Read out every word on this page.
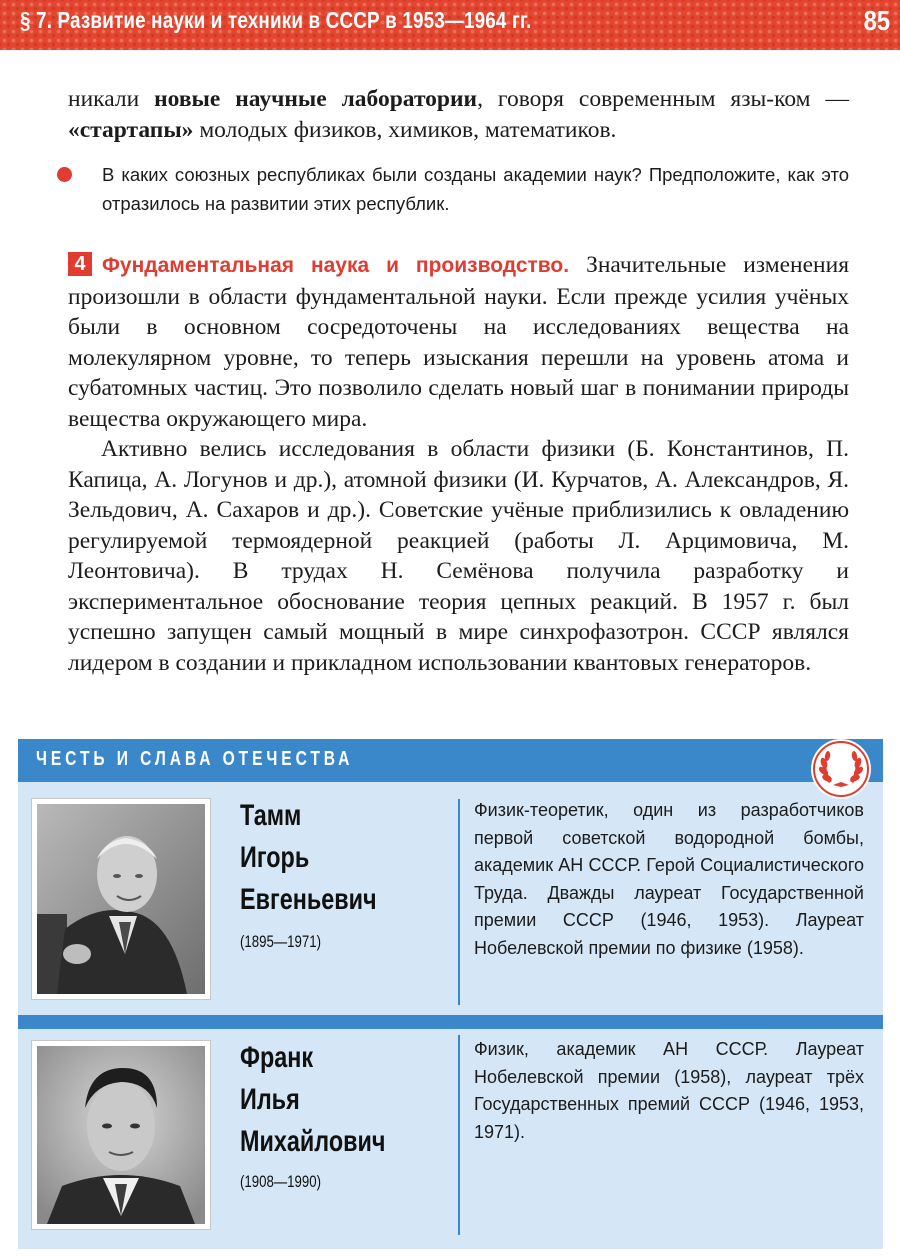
§ 7. Развитие науки и техники в СССР в 1953—1964 гг.	85

никали новые научные лаборатории, говоря современным язы-ком — «стартапы» молодых физиков, химиков, математиков.

В каких союзных республиках были созданы академии наук? Предположите, как это отразилось на развитии этих республик.

4 Фундаментальная наука и производство. Значительные изменения произошли в области фундаментальной науки. Если прежде усилия учёных были в основном сосредоточены на исследованиях вещества на молекулярном уровне, то теперь изыскания перешли на уровень атома и субатомных частиц. Это позволило сделать новый шаг в понимании природы вещества окружающего мира.

Активно велись исследования в области физики (Б. Константинов, П. Капица, А. Логунов и др.), атомной физики (И. Курчатов, А. Александров, Я. Зельдович, А. Сахаров и др.). Советские учёные приблизились к овладению регулируемой термоядерной реакцией (работы Л. Арцимовича, М. Леонтовича). В трудах Н. Семёнова получила разработку и экспериментальное обоснование теория цепных реакций. В 1957 г. был успешно запущен самый мощный в мире синхрофазотрон. СССР являлся лидером в создании и прикладном использовании квантовых генераторов.

ЧЕСТЬ И СЛАВА ОТЕЧЕСТВА
Тамм
Игорь
Евгеньевич
(1895—1971)
Физик-теоретик, один из разработчиков первой советской водородной бомбы, академик АН СССР. Герой Социалистического Труда. Дважды лауреат Государственной премии СССР (1946, 1953). Лауреат Нобелевской премии по физике (1958).
Франк
Илья
Михайлович
(1908—1990)
Физик, академик АН СССР. Лауреат Нобелевской премии (1958), лауреат трёх Государственных премий СССР (1946, 1953, 1971).
